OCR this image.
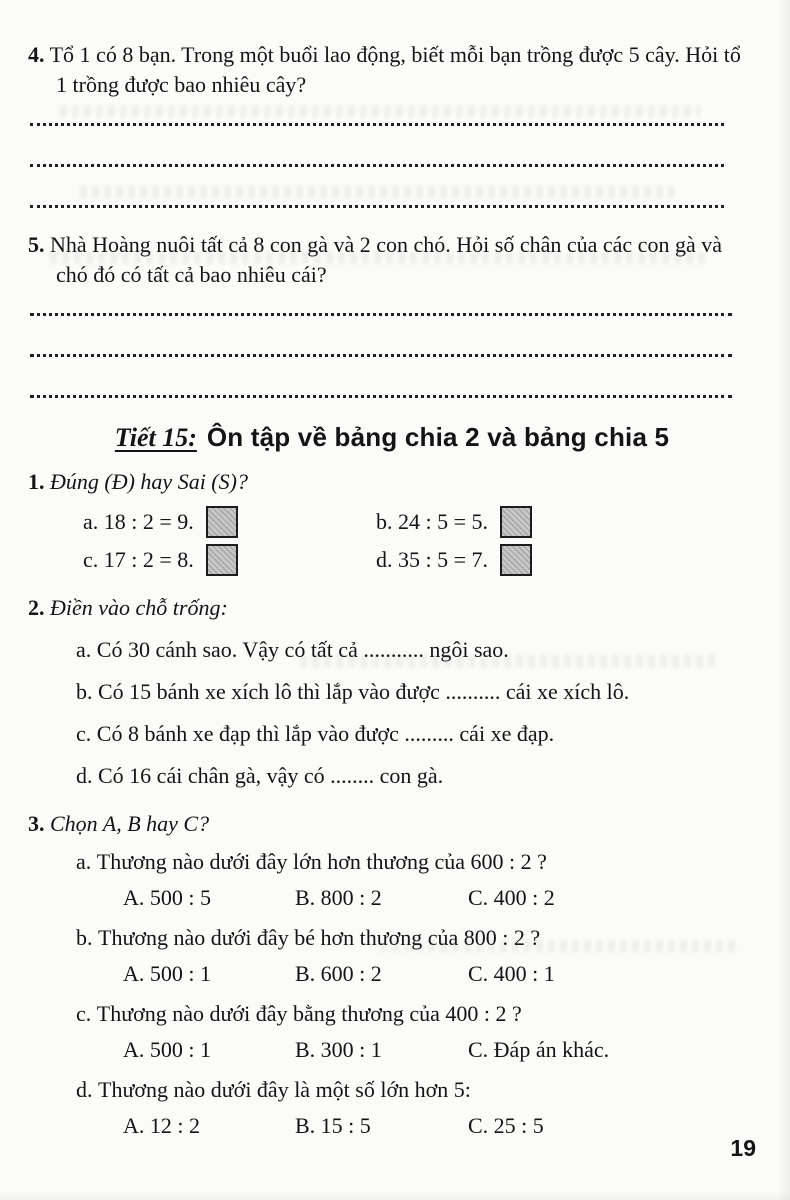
4. Tổ 1 có 8 bạn. Trong một buổi lao động, biết mỗi bạn trồng được 5 cây. Hỏi tổ 1 trồng được bao nhiêu cây?

5. Nhà Hoàng nuôi tất cả 8 con gà và 2 con chó. Hỏi số chân của các con gà và chó đó có tất cả bao nhiêu cái?

Tiết 15: Ôn tập về bảng chia 2 và bảng chia 5
1. Đúng (Đ) hay Sai (S)?
a. 18 : 2 = 9.	b. 24 : 5 = 5.
c. 17 : 2 = 8.	d. 35 : 5 = 7.
2. Điền vào chỗ trống:
a. Có 30 cánh sao. Vậy có tất cả ........... ngôi sao.
b. Có 15 bánh xe xích lô thì lắp vào được .......... cái xe xích lô.
c. Có 8 bánh xe đạp thì lắp vào được ......... cái xe đạp.
d. Có 16 cái chân gà, vậy có ........ con gà.
3. Chọn A, B hay C?
a. Thương nào dưới đây lớn hơn thương của 600 : 2 ?
A. 500 : 5	B. 800 : 2	C. 400 : 2
b. Thương nào dưới đây bé hơn thương của 800 : 2 ?
A. 500 : 1	B. 600 : 2	C. 400 : 1
c. Thương nào dưới đây bằng thương của 400 : 2 ?
A. 500 : 1	B. 300 : 1	C. Đáp án khác.
d. Thương nào dưới đây là một số lớn hơn 5:
A. 12 : 2	B. 15 : 5	C. 25 : 5
19
